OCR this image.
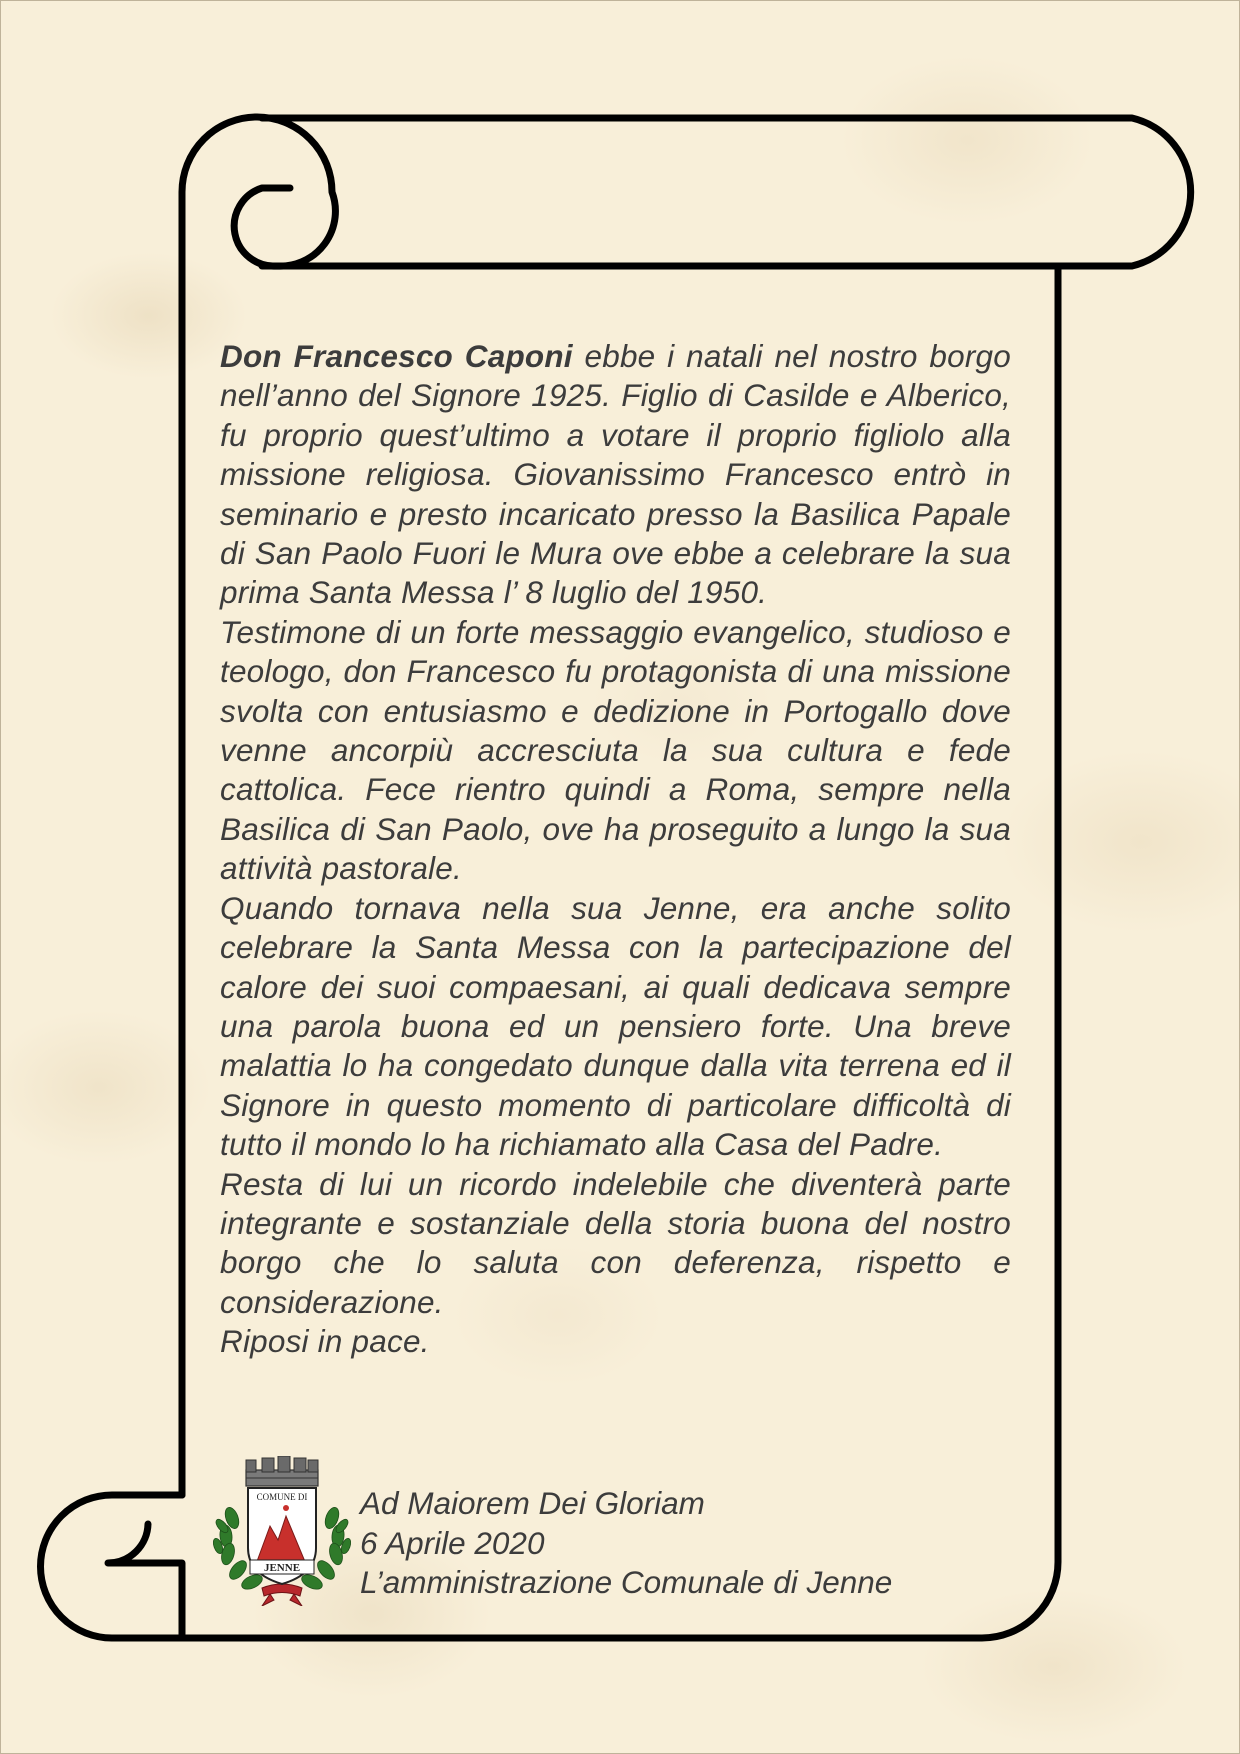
Don Francesco Caponi ebbe i natali nel nostro borgo nell’anno del Signore 1925. Figlio di Casilde e Alberico, fu proprio quest’ultimo a votare il proprio figliolo alla missione religiosa. Giovanissimo Francesco entrò in seminario e presto incaricato presso la Basilica Papale di San Paolo Fuori le Mura ove ebbe a celebrare la sua prima Santa Messa l’ 8 luglio del 1950.

Testimone di un forte messaggio evangelico, studioso e teologo, don Francesco fu protagonista di una missione svolta con entusiasmo e dedizione in Portogallo dove venne ancorpiù accresciuta la sua cultura e fede cattolica. Fece rientro quindi a Roma, sempre nella Basilica di San Paolo, ove ha proseguito a lungo la sua attività pastorale.

Quando tornava nella sua Jenne, era anche solito celebrare la Santa Messa con la partecipazione del calore dei suoi compaesani, ai quali dedicava sempre una parola buona ed un pensiero forte. Una breve malattia lo ha congedato dunque dalla vita terrena ed il Signore in questo momento di particolare difficoltà di tutto il mondo lo ha richiamato alla Casa del Padre.

Resta di lui un ricordo indelebile che diventerà parte integrante e sostanziale della storia buona del nostro borgo che lo saluta con deferenza, rispetto e considerazione.

Riposi in pace.

COMUNE DI
JENNE
Ad Maiorem Dei Gloriam
6 Aprile 2020
L’amministrazione Comunale di Jenne
